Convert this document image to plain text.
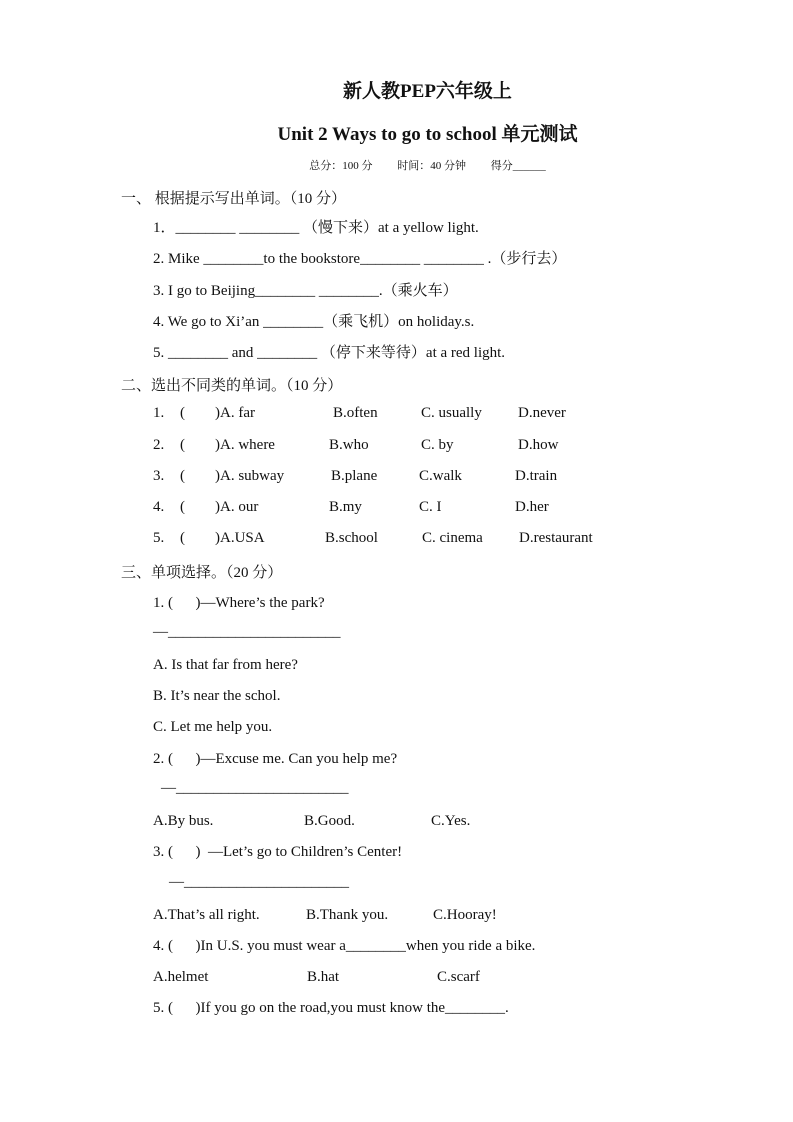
新人教PEP六年级上
Unit 2 Ways to go to school 单元测试
总分：100 分 时间：40 分钟 得分______
一、 根据提示写出单词。（10 分）
1．________ ________ （慢下来）at a yellow light.
2. Mike ________to the bookstore________ ________ .（步行去）
3. I go to Beijing________ ________.（乘火车）
4. We go to Xi’an ________（乘飞机）on holiday.s.
5. ________ and ________ （停下来等待）at a red light.
二、选出不同类的单词。（10 分）
1. (        )A. far	B.often	C. usually D.never
2. (        )A. where	B.who	C. by	D.how
3. (        )A. subway	B.plane	C.walk	D.train
4. (        )A. our	B.my	C. I	D.her
5. (        )A.USA	B.school	C. cinema D.restaurant
三、单项选择。（20 分）
1. (      )—Where’s the park?
—_______________________
A. Is that far from here?
B. It’s near the schol.
C. Let me help you.
2. (      )—Excuse me. Can you help me?
—_______________________
A.By bus.	B.Good.	C.Yes.
3. (      )  —Let’s go to Children’s Center!
—______________________
A.That’s all right.	B.Thank you.	C.Hooray!
4. (      )In U.S. you must wear a________when you ride a bike.
A.helmet	B.hat	C.scarf
5. (      )If you go on the road,you must know the________.
